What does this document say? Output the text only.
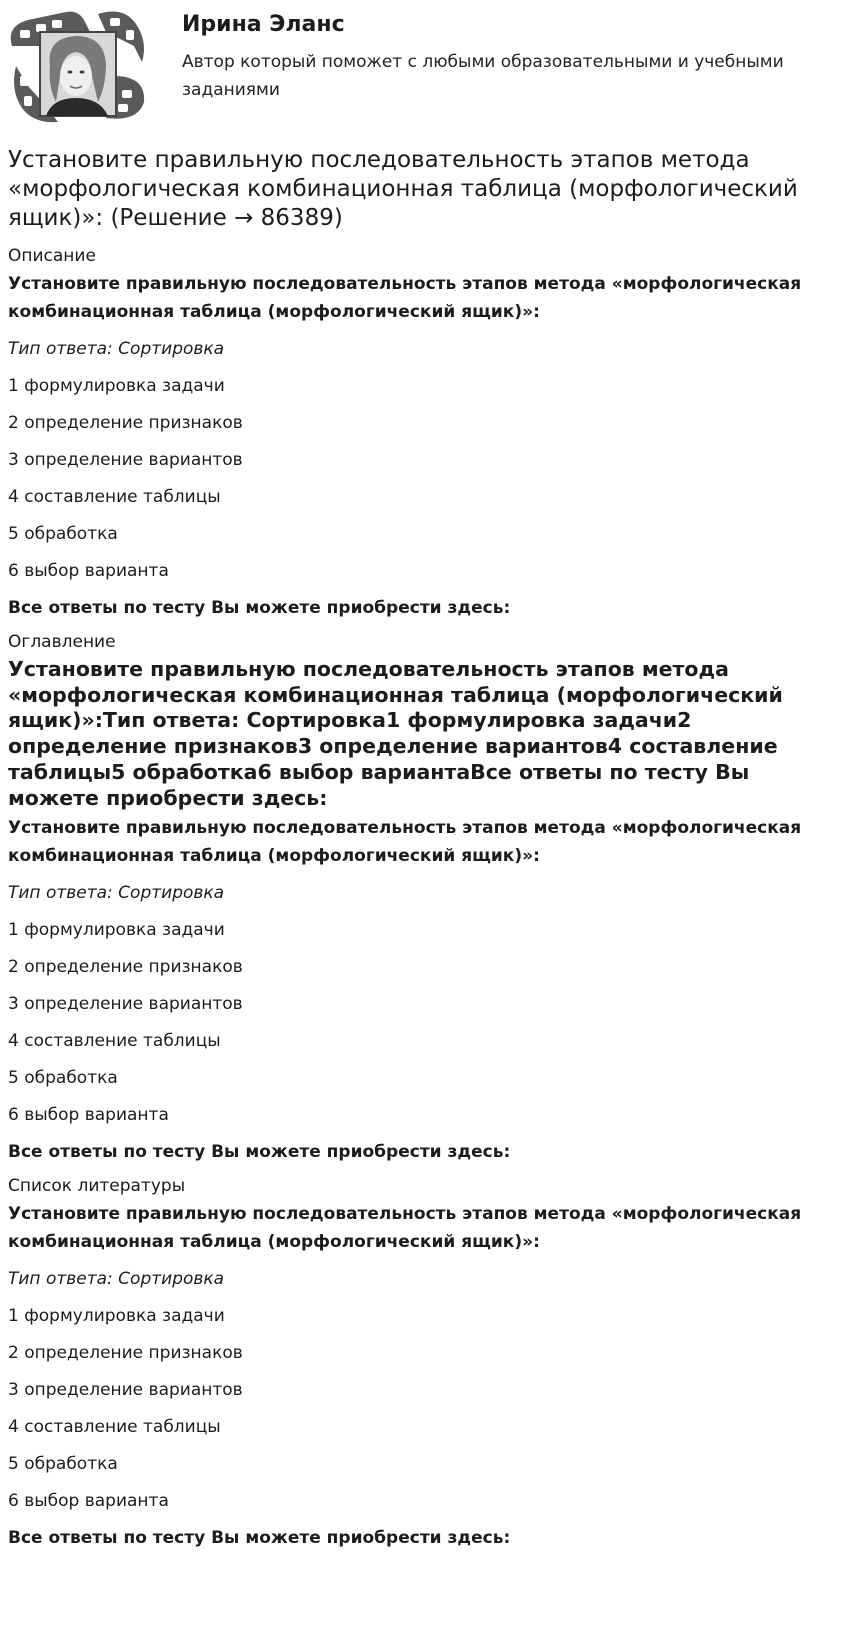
Ирина Эланс
Автор который поможет с любыми образовательными и учебными заданиями
Установите правильную последовательность этапов метода «морфологическая комбинационная таблица (морфологический ящик)»: (Решение → 86389)
Описание
Установите правильную последовательность этапов метода «морфологическая комбинационная таблица (морфологический ящик)»:
Тип ответа: Сортировка
1 формулировка задачи
2 определение признаков
3 определение вариантов
4 составление таблицы
5 обработка
6 выбор варианта
Все ответы по тесту Вы можете приобрести здесь:
Оглавление
Установите правильную последовательность этапов метода «морфологическая комбинационная таблица (морфологический ящик)»:Тип ответа: Сортировка1 формулировка задачи2 определение признаков3 определение вариантов4 составление таблицы5 обработка6 выбор вариантаВсе ответы по тесту Вы можете приобрести здесь:
Установите правильную последовательность этапов метода «морфологическая комбинационная таблица (морфологический ящик)»:
Тип ответа: Сортировка
1 формулировка задачи
2 определение признаков
3 определение вариантов
4 составление таблицы
5 обработка
6 выбор варианта
Все ответы по тесту Вы можете приобрести здесь:
Список литературы
Установите правильную последовательность этапов метода «морфологическая комбинационная таблица (морфологический ящик)»:
Тип ответа: Сортировка
1 формулировка задачи
2 определение признаков
3 определение вариантов
4 составление таблицы
5 обработка
6 выбор варианта
Все ответы по тесту Вы можете приобрести здесь:
